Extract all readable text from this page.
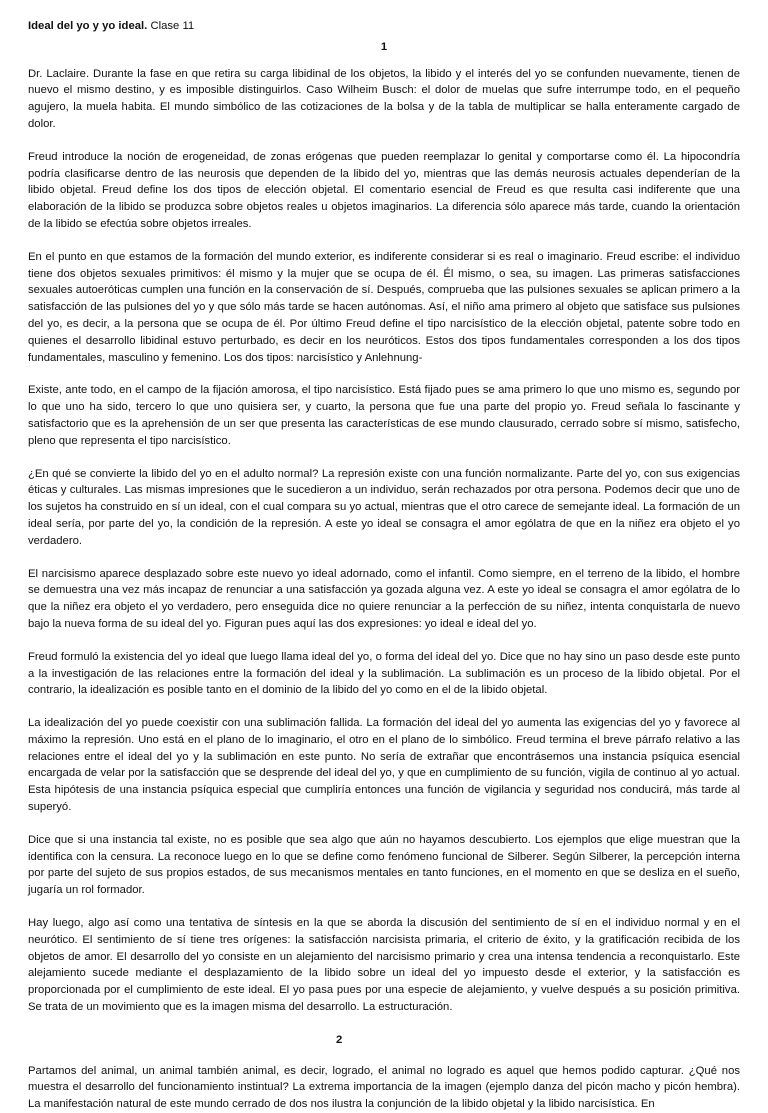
Ideal del yo y yo ideal. Clase 11
1

Dr. Laclaire. Durante la fase en que retira su carga libidinal de los objetos, la libido y el interés del yo se confunden nuevamente, tienen de nuevo el mismo destino, y es imposible distinguirlos. Caso Wilheim Busch: el dolor de muelas que sufre interrumpe todo, en el pequeño agujero, la muela habita. El mundo simbólico de las cotizaciones de la bolsa y de la tabla de multiplicar se halla enteramente cargado de dolor.

Freud introduce la noción de erogeneidad, de zonas erógenas que pueden reemplazar lo genital y comportarse como él. La hipocondría podría clasificarse dentro de las neurosis que dependen de la libido del yo, mientras que las demás neurosis actuales dependerían de la libido objetal. Freud define los dos tipos de elección objetal. El comentario esencial de Freud es que resulta casi indiferente que una elaboración de la libido se produzca sobre objetos reales u objetos imaginarios. La diferencia sólo aparece más tarde, cuando la orientación de la libido se efectúa sobre objetos irreales.

En el punto en que estamos de la formación del mundo exterior, es indiferente considerar si es real o imaginario. Freud escribe: el individuo tiene dos objetos sexuales primitivos: él mismo y la mujer que se ocupa de él. Él mismo, o sea, su imagen. Las primeras satisfacciones sexuales autoeróticas cumplen una función en la conservación de sí. Después, comprueba que las pulsiones sexuales se aplican primero a la satisfacción de las pulsiones del yo y que sólo más tarde se hacen autónomas. Así, el niño ama primero al objeto que satisface sus pulsiones del yo, es decir, a la persona que se ocupa de él. Por último Freud define el tipo narcisístico de la elección objetal, patente sobre todo en quienes el desarrollo libidinal estuvo perturbado, es decir en los neuróticos. Estos dos tipos fundamentales corresponden a los dos tipos fundamentales, masculino y femenino. Los dos tipos: narcisístico y Anlehnung-

Existe, ante todo, en el campo de la fijación amorosa, el tipo narcisístico. Está fijado pues se ama primero lo que uno mismo es, segundo por lo que uno ha sido, tercero lo que uno quisiera ser, y cuarto, la persona que fue una parte del propio yo. Freud señala lo fascinante y satisfactorio que es la aprehensión de un ser que presenta las características de ese mundo clausurado, cerrado sobre sí mismo, satisfecho, pleno que representa el tipo narcisístico.

¿En qué se convierte la libido del yo en el adulto normal? La represión existe con una función normalizante. Parte del yo, con sus exigencias éticas y culturales. Las mismas impresiones que le sucedieron a un individuo, serán rechazados por otra persona. Podemos decir que uno de los sujetos ha construido en sí un ideal, con el cual compara su yo actual, mientras que el otro carece de semejante ideal. La formación de un ideal sería, por parte del yo, la condición de la represión. A este yo ideal se consagra el amor ególatra de que en la niñez era objeto el yo verdadero.

El narcisismo aparece desplazado sobre este nuevo yo ideal adornado, como el infantil. Como siempre, en el terreno de la libido, el hombre se demuestra una vez más incapaz de renunciar a una satisfacción ya gozada alguna vez. A este yo ideal se consagra el amor ególatra de lo que la niñez era objeto el yo verdadero, pero enseguida dice no quiere renunciar a la perfección de su niñez, intenta conquistarla de nuevo bajo la nueva forma de su ideal del yo. Figuran pues aquí las dos expresiones: yo ideal e ideal del yo.

Freud formuló la existencia del yo ideal que luego llama ideal del yo, o forma del ideal del yo. Dice que no hay sino un paso desde este punto a la investigación de las relaciones entre la formación del ideal y la sublimación. La sublimación es un proceso de la libido objetal. Por el contrario, la idealización es posible tanto en el dominio de la libido del yo como en el de la libido objetal.

La idealización del yo puede coexistir con una sublimación fallida. La formación del ideal del yo aumenta las exigencias del yo y favorece al máximo la represión. Uno está en el plano de lo imaginario, el otro en el plano de lo simbólico. Freud termina el breve párrafo relativo a las relaciones entre el ideal del yo y la sublimación en este punto. No sería de extrañar que encontrásemos una instancia psíquica esencial encargada de velar por la satisfacción que se desprende del ideal del yo, y que en cumplimiento de su función, vigila de continuo al yo actual. Esta hipótesis de una instancia psíquica especial que cumpliría entonces una función de vigilancia y seguridad nos conducirá, más tarde al superyó.

Dice que si una instancia tal existe, no es posible que sea algo que aún no hayamos descubierto. Los ejemplos que elige muestran que la identifica con la censura. La reconoce luego en lo que se define como fenómeno funcional de Silberer. Según Silberer, la percepción interna por parte del sujeto de sus propios estados, de sus mecanismos mentales en tanto funciones, en el momento en que se desliza en el sueño, jugaría un rol formador.

Hay luego, algo así como una tentativa de síntesis en la que se aborda la discusión del sentimiento de sí en el individuo normal y en el neurótico. El sentimiento de sí tiene tres orígenes: la satisfacción narcisista primaria, el criterio de éxito, y la gratificación recibida de los objetos de amor. El desarrollo del yo consiste en un alejamiento del narcisismo primario y crea una intensa tendencia a reconquistarlo. Este alejamiento sucede mediante el desplazamiento de la libido sobre un ideal del yo impuesto desde el exterior, y la satisfacción es proporcionada por el cumplimiento de este ideal. El yo pasa pues por una especie de alejamiento, y vuelve después a su posición primitiva. Se trata de un movimiento que es la imagen misma del desarrollo. La estructuración.

2

Partamos del animal, un animal también animal, es decir, logrado, el animal no logrado es aquel que hemos podido capturar. ¿Qué nos muestra el desarrollo del funcionamiento instintual? La extrema importancia de la imagen (ejemplo danza del picón macho y picón hembra). La manifestación natural de este mundo cerrado de dos nos ilustra la conjunción de la libido objetal y la libido narcisística. En
